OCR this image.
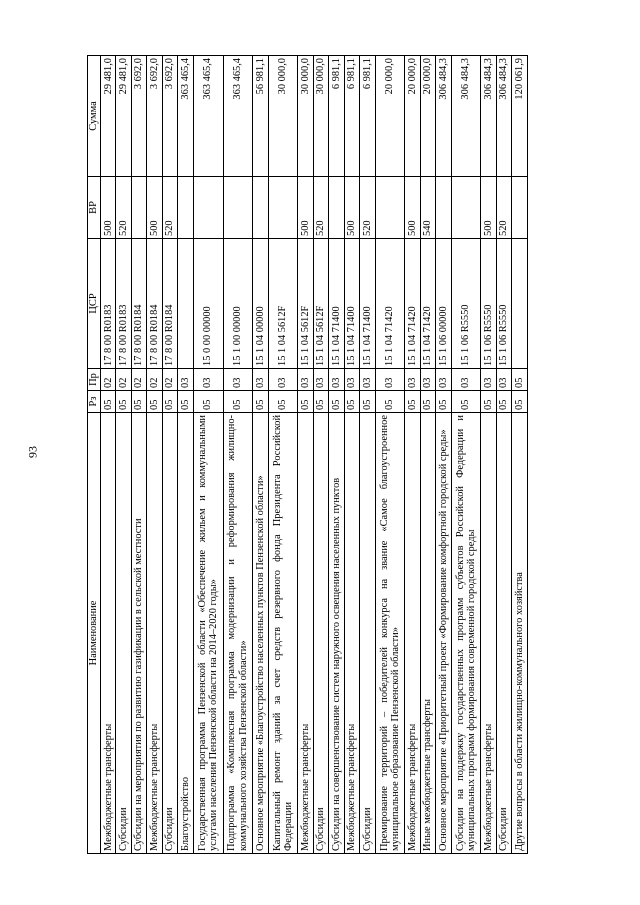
93
Наименование	Рз	Пр	ЦСР	ВР	Сумма
Межбюджетные трансферты	05	02	17 8 00 R0183	500	29 481,0
Субсидии	05	02	17 8 00 R0183	520	29 481,0
Субсидии на мероприятия по развитию газификации в сельской местности	05	02	17 8 00 R0184		3 692,0
Межбюджетные трансферты	05	02	17 8 00 R0184	500	3 692,0
Субсидии	05	02	17 8 00 R0184	520	3 692,0
Благоустройство	05	03			363 465,4
Государственная программа Пензенской области «Обеспечение жильем и коммунальными услугами населения Пензенской области на 2014–2020 годы»	05	03	15 0 00 00000		363 465,4
Подпрограмма «Комплексная программа модернизации и реформирования жилищно-коммунального хозяйства Пензенской области»	05	03	15 1 00 00000		363 465,4
Основное мероприятие «Благоустройство населенных пунктов Пензенской области»	05	03	15 1 04 00000		56 981,1
Капитальный ремонт зданий за счет средств резервного фонда Президента Российской Федерации	05	03	15 1 04 5612F		30 000,0
Межбюджетные трансферты	05	03	15 1 04 5612F	500	30 000,0
Субсидии	05	03	15 1 04 5612F	520	30 000,0
Субсидии на совершенствование систем наружного освещения населенных пунктов	05	03	15 1 04 71400		6 981,1
Межбюджетные трансферты	05	03	15 1 04 71400	500	6 981,1
Субсидии	05	03	15 1 04 71400	520	6 981,1
Премирование территорий – победителей конкурса на звание «Самое благоустроенное муниципальное образование Пензенской области»	05	03	15 1 04 71420		20 000,0
Межбюджетные трансферты	05	03	15 1 04 71420	500	20 000,0
Иные межбюджетные трансферты	05	03	15 1 04 71420	540	20 000,0
Основное мероприятие «Приоритетный проект «Формирование комфортной городской среды»	05	03	15 1 06 00000		306 484,3
Субсидии на поддержку государственных программ субъектов Российской Федерации и муниципальных программ формирования современной городской среды	05	03	15 1 06 R5550		306 484,3
Межбюджетные трансферты	05	03	15 1 06 R5550	500	306 484,3
Субсидии	05	03	15 1 06 R5550	520	306 484,3
Другие вопросы в области жилищно-коммунального хозяйства	05	05			120 061,9
